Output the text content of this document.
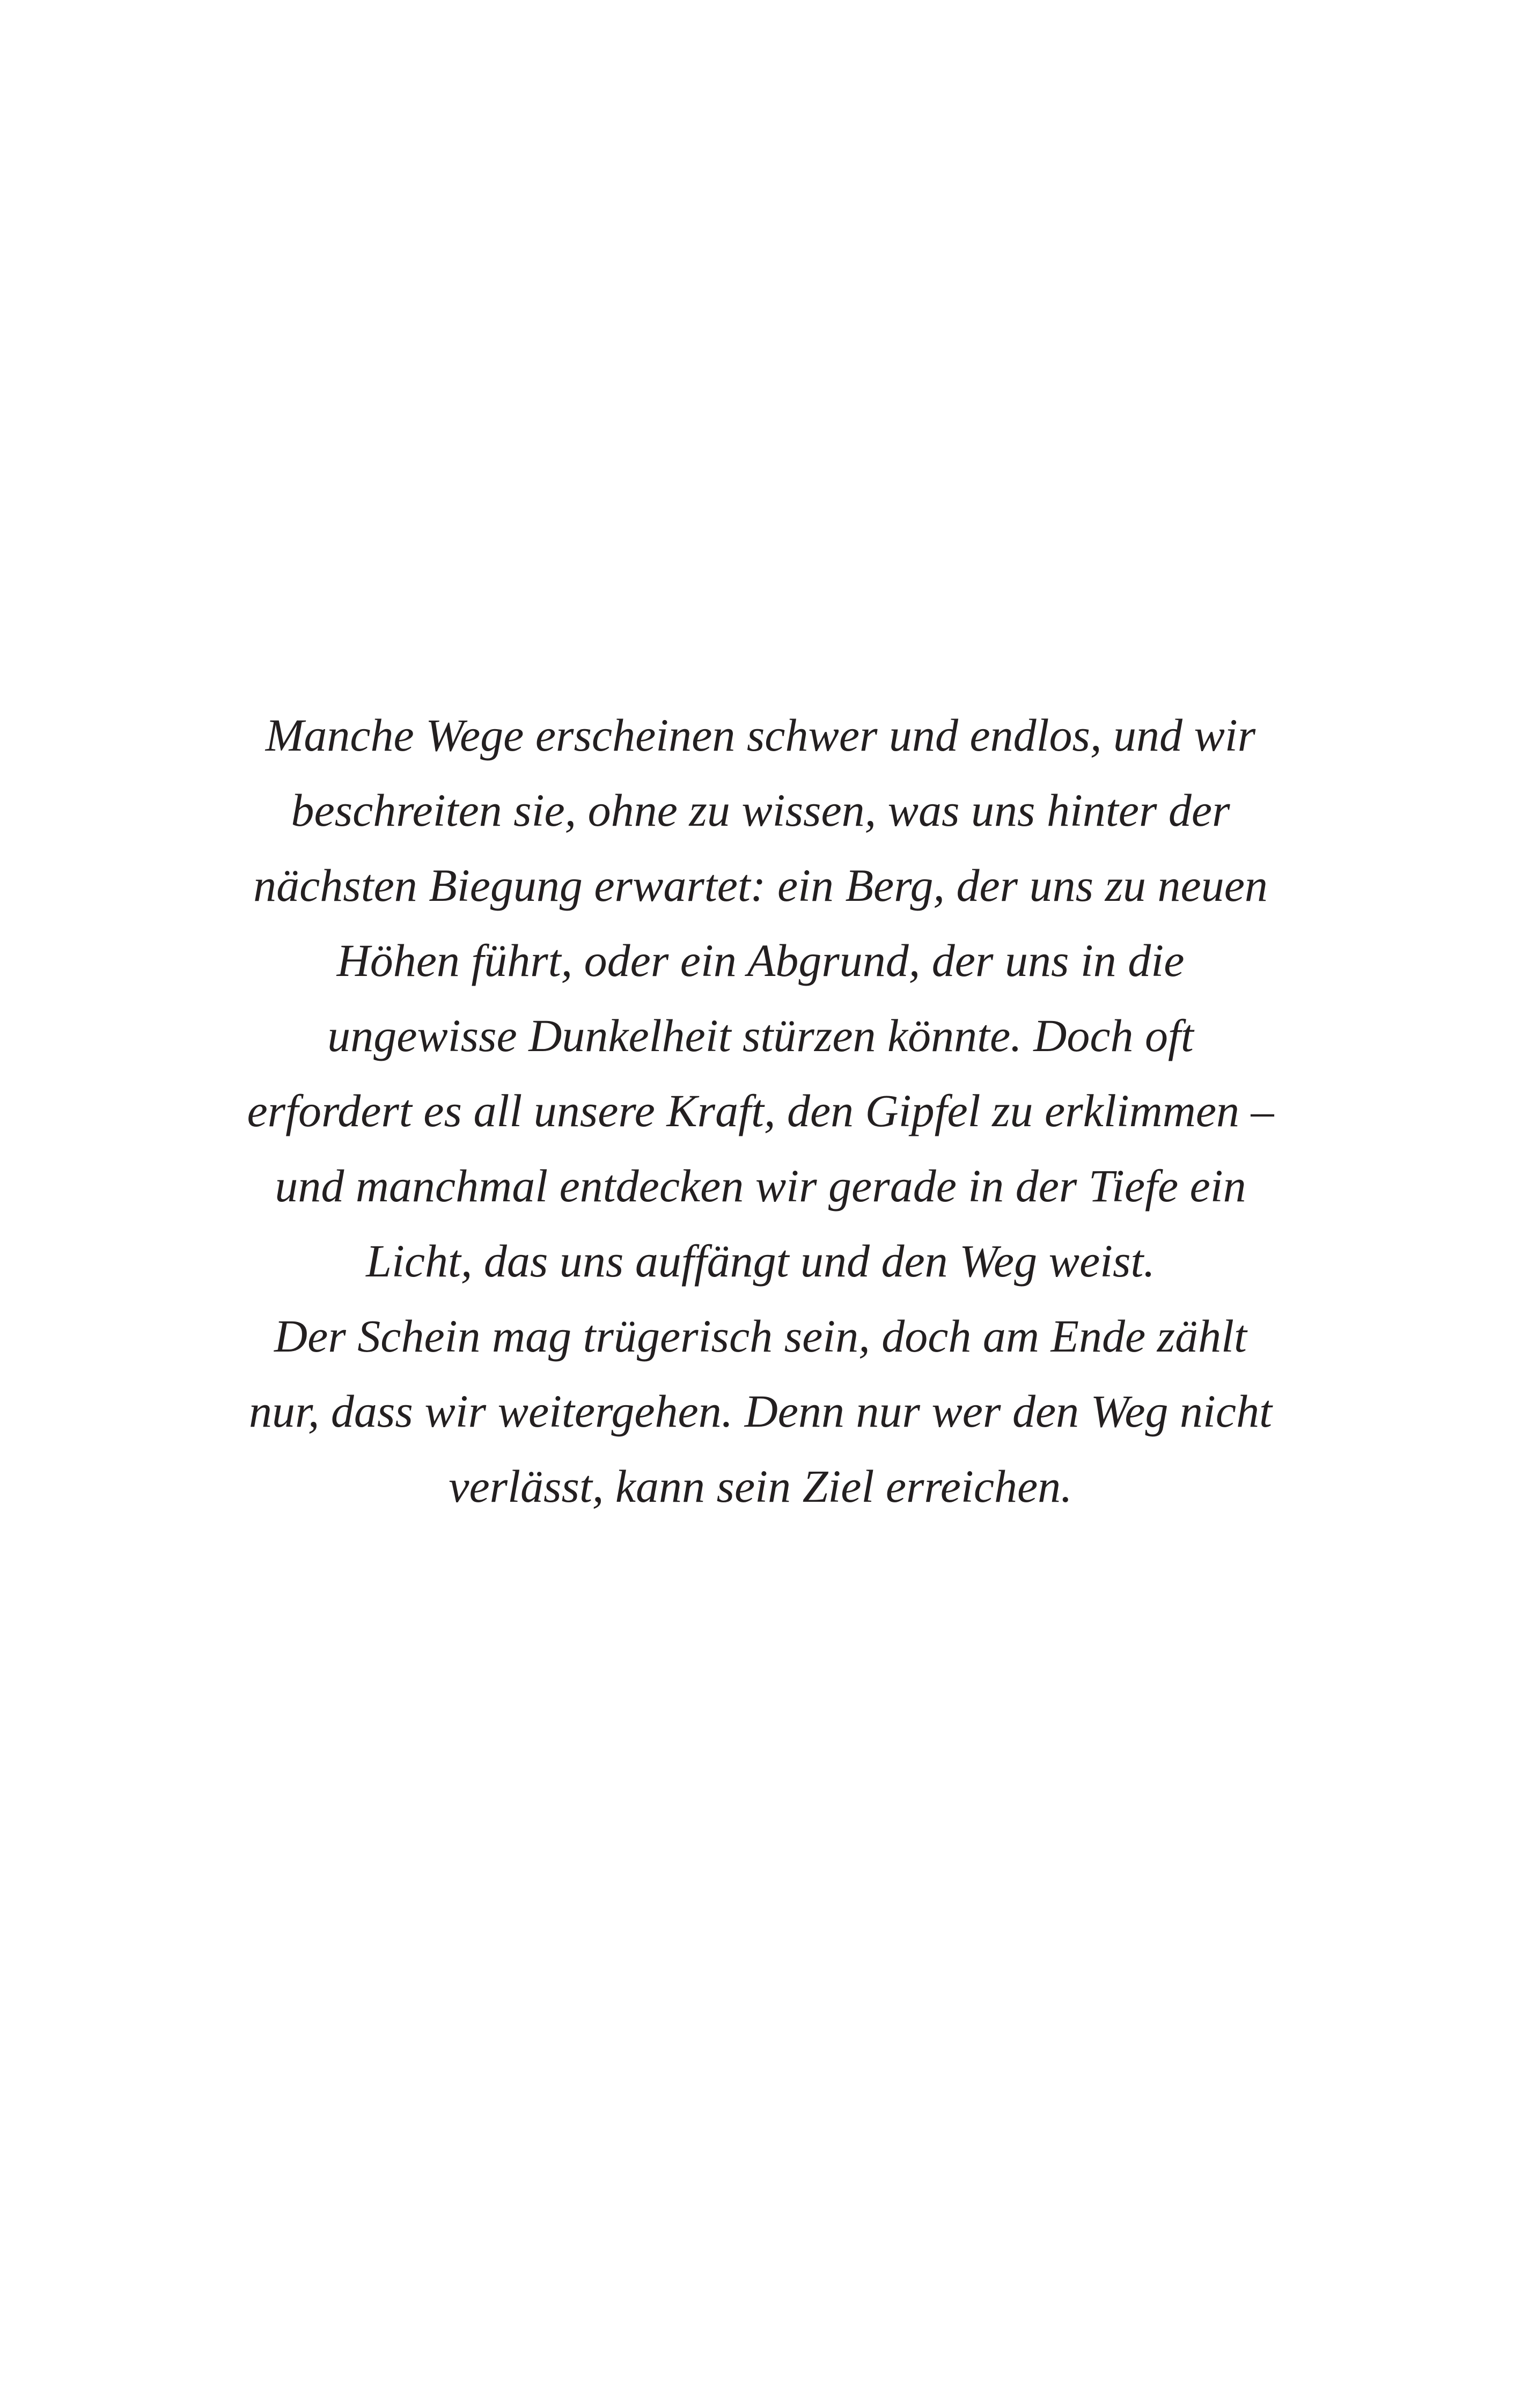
Manche Wege erscheinen schwer und endlos, und wir
beschreiten sie, ohne zu wissen, was uns hinter der
nächsten Biegung erwartet: ein Berg, der uns zu neuen
Höhen führt, oder ein Abgrund, der uns in die
ungewisse Dunkelheit stürzen könnte. Doch oft
erfordert es all unsere Kraft, den Gipfel zu erklimmen –
und manchmal entdecken wir gerade in der Tiefe ein
Licht, das uns auffängt und den Weg weist.
Der Schein mag trügerisch sein, doch am Ende zählt
nur, dass wir weitergehen. Denn nur wer den Weg nicht
verlässt, kann sein Ziel erreichen.
